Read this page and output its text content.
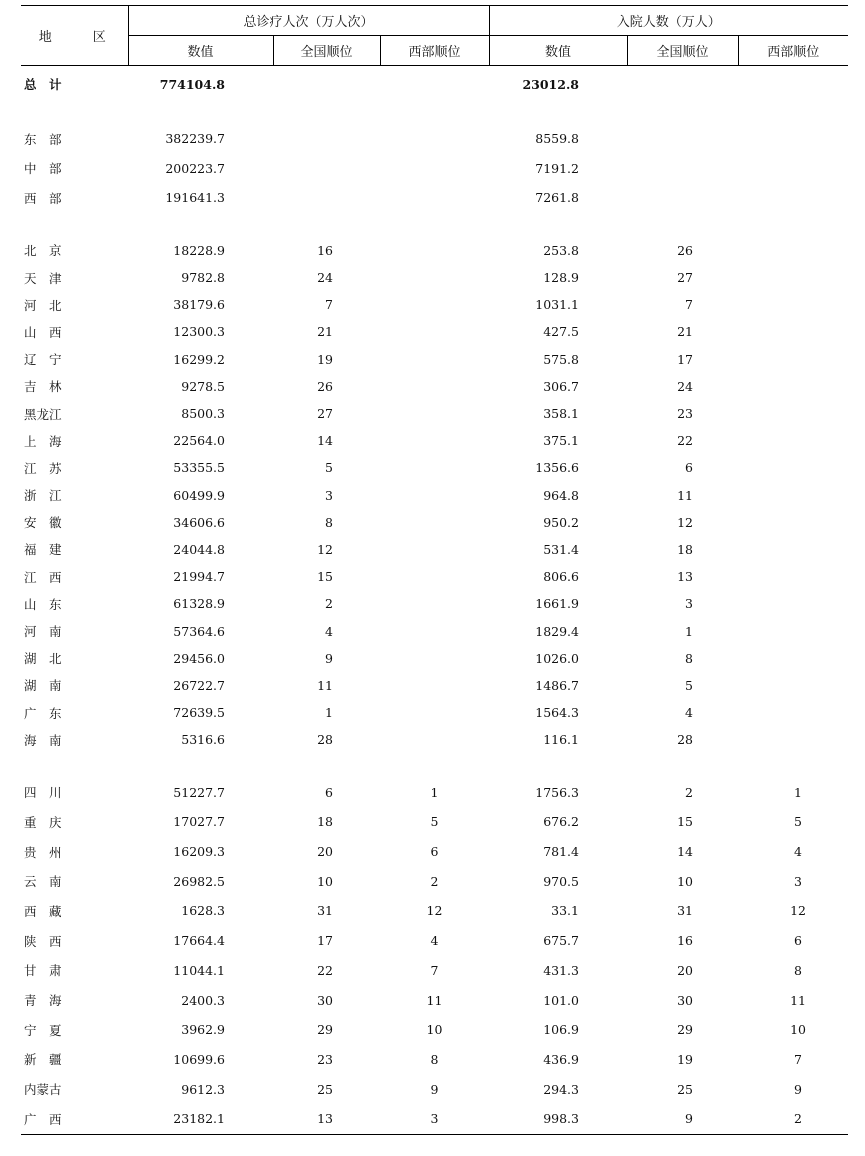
地　区	总诊疗人次（万人次）			入院人数（万人）		
	数值	全国顺位	西部顺位	数值	全国顺位	西部顺位
总　计	774104.8			23012.8		

东　部	382239.7			8559.8		
中　部	200223.7			7191.2		
西　部	191641.3			7261.8		

北　京	18228.9	16		253.8	26	
天　津	9782.8	24		128.9	27	
河　北	38179.6	7		1031.1	7	
山　西	12300.3	21		427.5	21	
辽　宁	16299.2	19		575.8	17	
吉　林	9278.5	26		306.7	24	
黑龙江	8500.3	27		358.1	23	
上　海	22564.0	14		375.1	22	
江　苏	53355.5	5		1356.6	6	
浙　江	60499.9	3		964.8	11	
安　徽	34606.6	8		950.2	12	
福　建	24044.8	12		531.4	18	
江　西	21994.7	15		806.6	13	
山　东	61328.9	2		1661.9	3	
河　南	57364.6	4		1829.4	1	
湖　北	29456.0	9		1026.0	8	
湖　南	26722.7	11		1486.7	5	
广　东	72639.5	1		1564.3	4	
海　南	5316.6	28		116.1	28	

四　川	51227.7	6	1	1756.3	2	1
重　庆	17027.7	18	5	676.2	15	5
贵　州	16209.3	20	6	781.4	14	4
云　南	26982.5	10	2	970.5	10	3
西　藏	1628.3	31	12	33.1	31	12
陕　西	17664.4	17	4	675.7	16	6
甘　肃	11044.1	22	7	431.3	20	8
青　海	2400.3	30	11	101.0	30	11
宁　夏	3962.9	29	10	106.9	29	10
新　疆	10699.6	23	8	436.9	19	7
内蒙古	9612.3	25	9	294.3	25	9
广　西	23182.1	13	3	998.3	9	2
